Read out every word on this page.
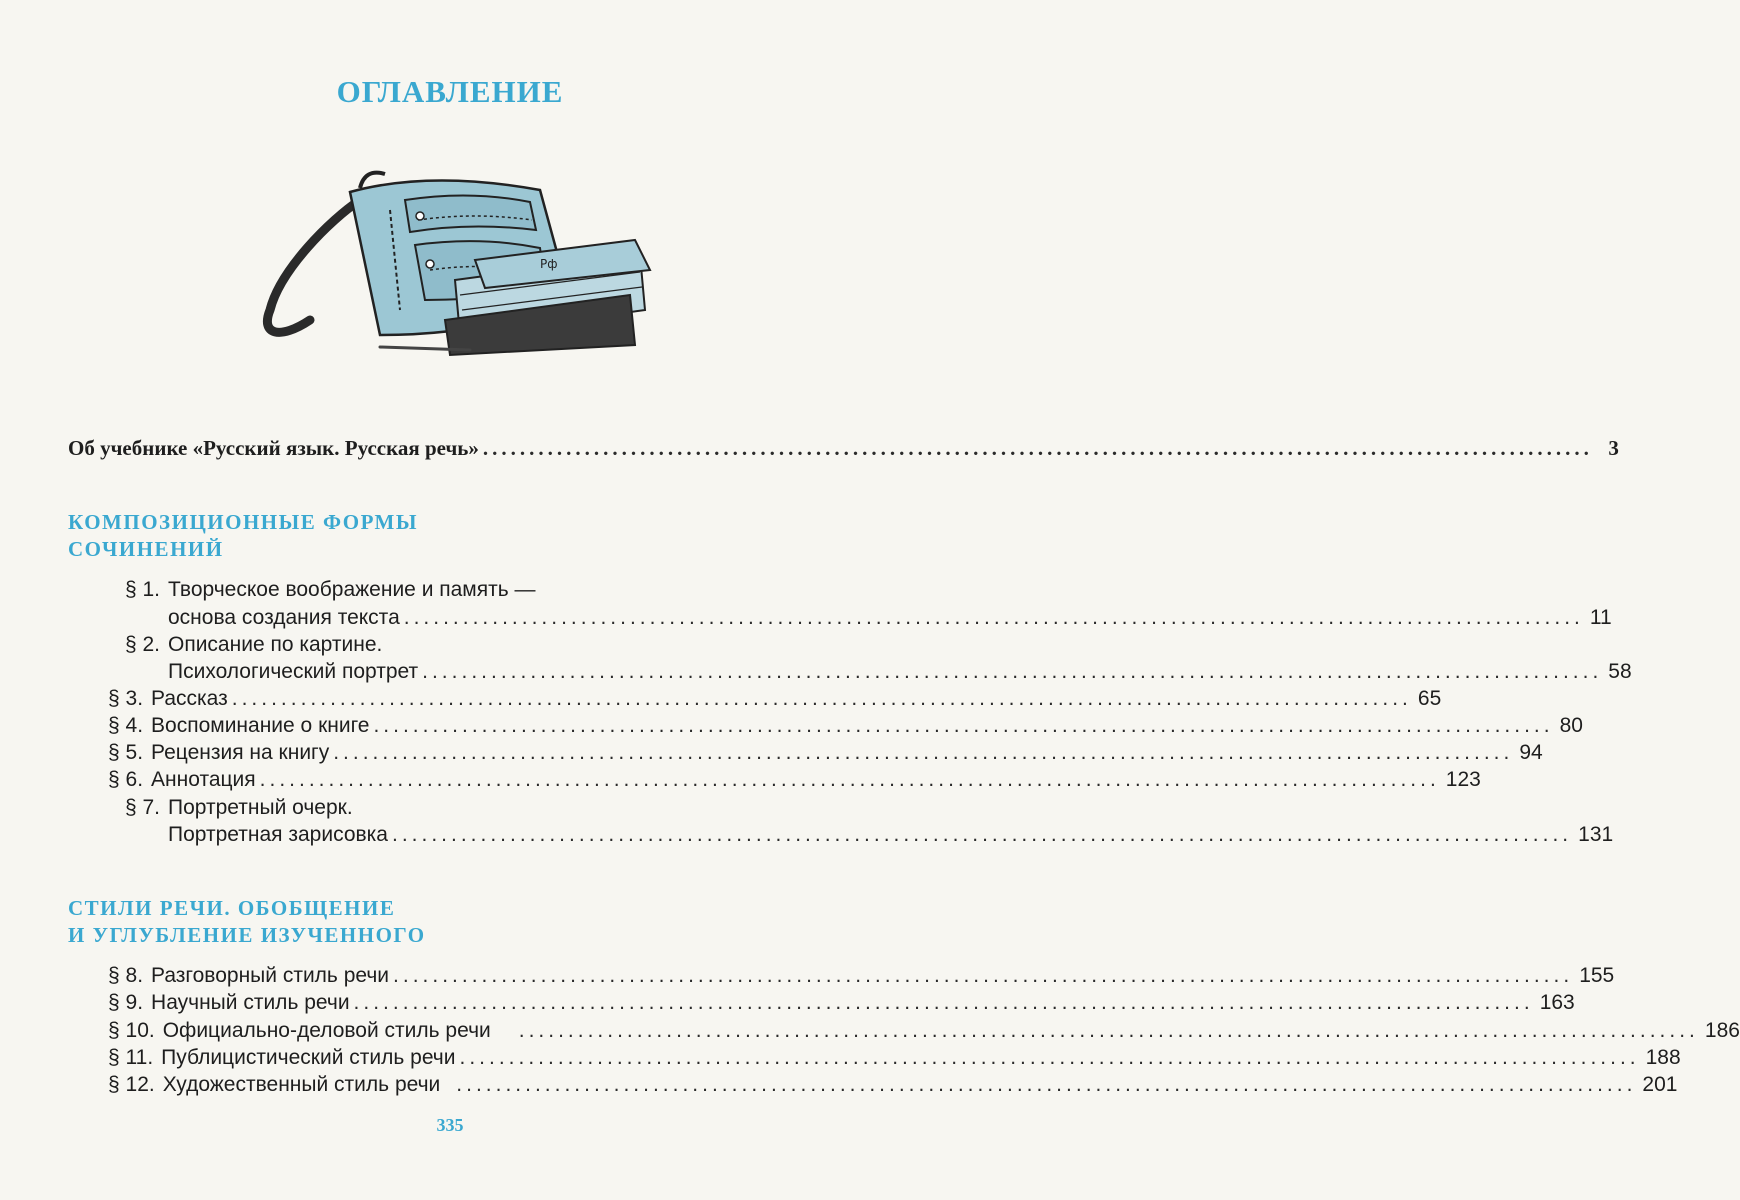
ОГЛАВЛЕНИЕ
Pф
Об учебнике «Русский язык. Русская речь» ........................................................................................................................ 3
КОМПОЗИЦИОННЫЕ ФОРМЫ
СОЧИНЕНИЙ
§ 1. Творческое воображение и память —
основа создания текста ........................................................................................................................ 11
§ 2. Описание по картине.
Психологический портрет ........................................................................................................................ 58
§ 3. Рассказ ........................................................................................................................ 65
§ 4. Воспоминание о книге ........................................................................................................................ 80
§ 5. Рецензия на книгу ........................................................................................................................ 94
§ 6. Аннотация ........................................................................................................................ 123
§ 7. Портретный очерк.
Портретная зарисовка ........................................................................................................................ 131
СТИЛИ РЕЧИ. ОБОБЩЕНИЕ
И УГЛУБЛЕНИЕ ИЗУЧЕННОГО
§ 8. Разговорный стиль речи ........................................................................................................................ 155
§ 9. Научный стиль речи ........................................................................................................................ 163
§ 10. Официально-деловой стиль речи	........................................................................................................................ 186
§ 11. Публицистический стиль речи ........................................................................................................................ 188
§ 12. Художественный стиль речи ........................................................................................................................ 201
335
